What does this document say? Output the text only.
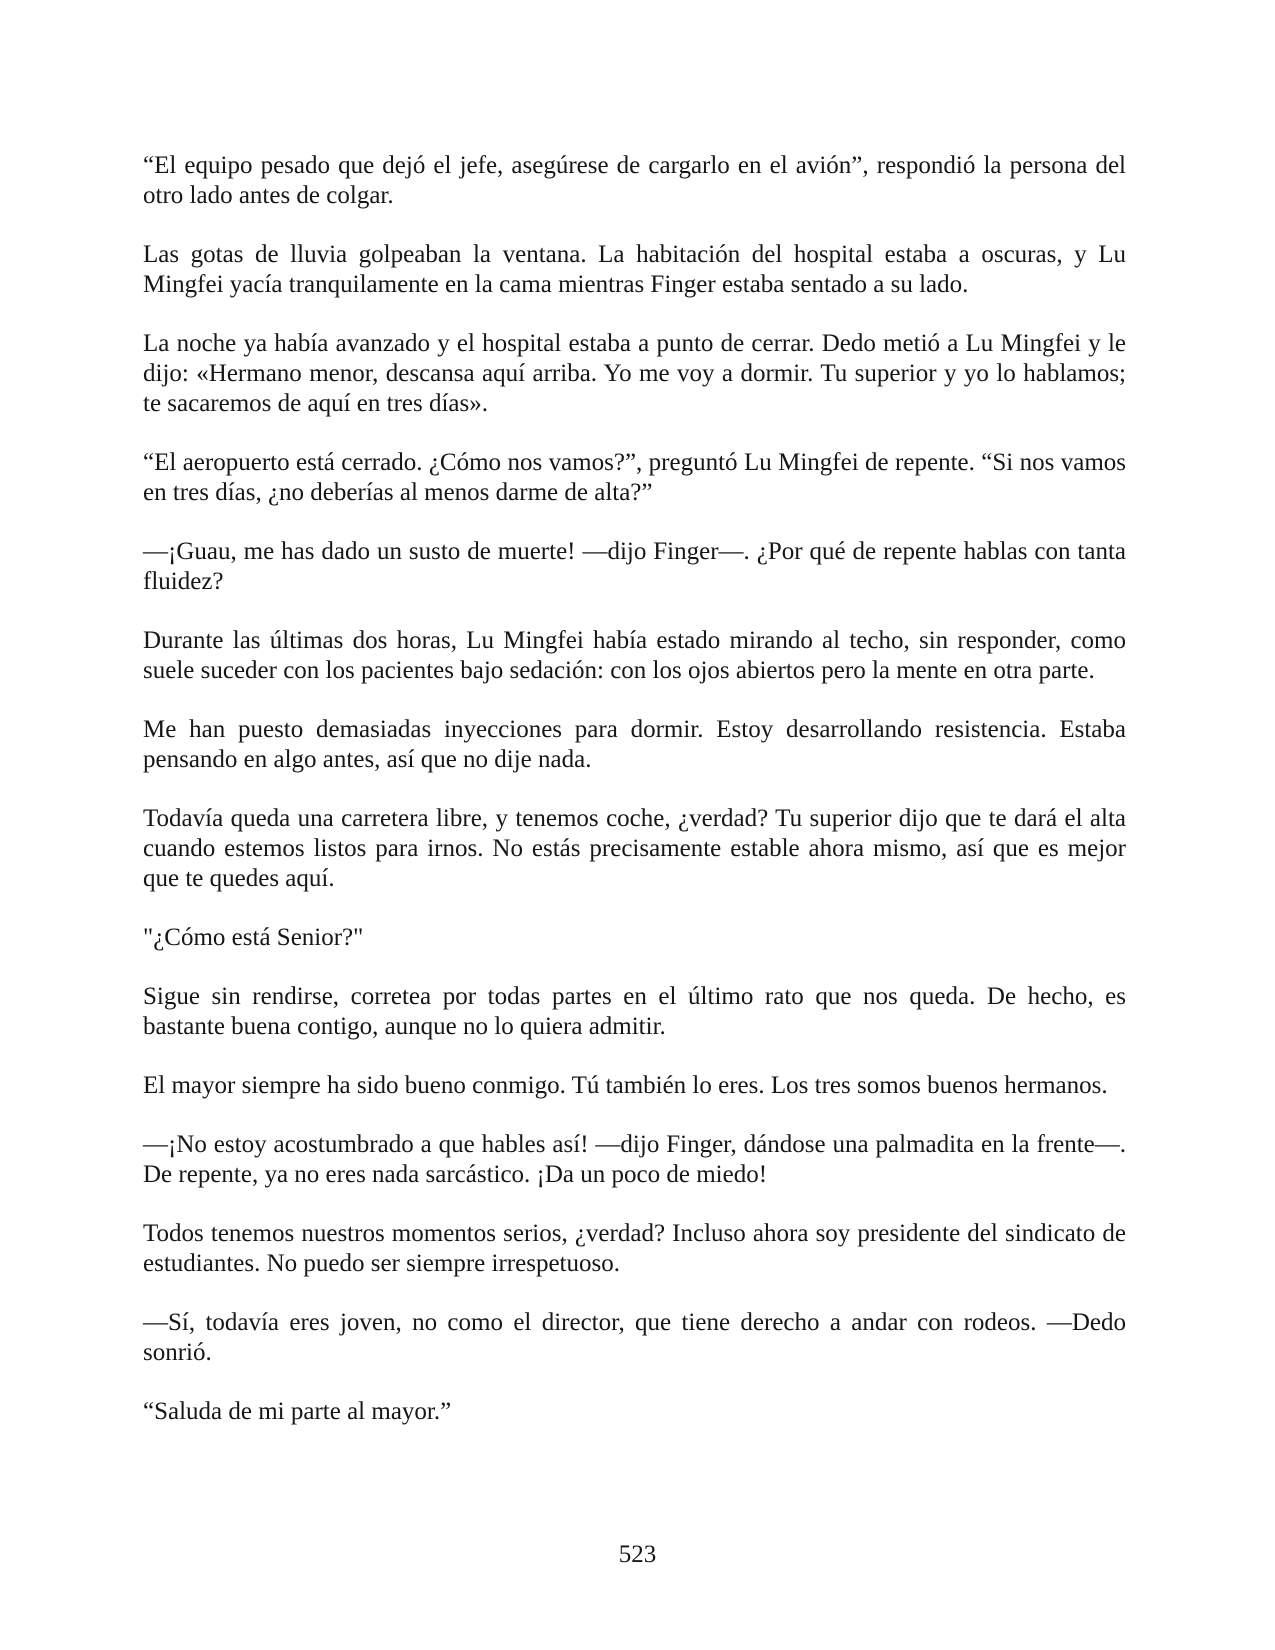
“El equipo pesado que dejó el jefe, asegúrese de cargarlo en el avión”, respondió la persona del otro lado antes de colgar.

Las gotas de lluvia golpeaban la ventana. La habitación del hospital estaba a oscuras, y Lu Mingfei yacía tranquilamente en la cama mientras Finger estaba sentado a su lado.

La noche ya había avanzado y el hospital estaba a punto de cerrar. Dedo metió a Lu Mingfei y le dijo: «Hermano menor, descansa aquí arriba. Yo me voy a dormir. Tu superior y yo lo hablamos; te sacaremos de aquí en tres días».

“El aeropuerto está cerrado. ¿Cómo nos vamos?”, preguntó Lu Mingfei de repente. “Si nos vamos en tres días, ¿no deberías al menos darme de alta?”

—¡Guau, me has dado un susto de muerte! —dijo Finger—. ¿Por qué de repente hablas con tanta fluidez?

Durante las últimas dos horas, Lu Mingfei había estado mirando al techo, sin responder, como suele suceder con los pacientes bajo sedación: con los ojos abiertos pero la mente en otra parte.

Me han puesto demasiadas inyecciones para dormir. Estoy desarrollando resistencia. Estaba pensando en algo antes, así que no dije nada.

Todavía queda una carretera libre, y tenemos coche, ¿verdad? Tu superior dijo que te dará el alta cuando estemos listos para irnos. No estás precisamente estable ahora mismo, así que es mejor que te quedes aquí.

"¿Cómo está Senior?"

Sigue sin rendirse, corretea por todas partes en el último rato que nos queda. De hecho, es bastante buena contigo, aunque no lo quiera admitir.

El mayor siempre ha sido bueno conmigo. Tú también lo eres. Los tres somos buenos hermanos.

—¡No estoy acostumbrado a que hables así! —dijo Finger, dándose una palmadita en la frente—. De repente, ya no eres nada sarcástico. ¡Da un poco de miedo!

Todos tenemos nuestros momentos serios, ¿verdad? Incluso ahora soy presidente del sindicato de estudiantes. No puedo ser siempre irrespetuoso.

—Sí, todavía eres joven, no como el director, que tiene derecho a andar con rodeos. —Dedo sonrió.

“Saluda de mi parte al mayor.”

523
